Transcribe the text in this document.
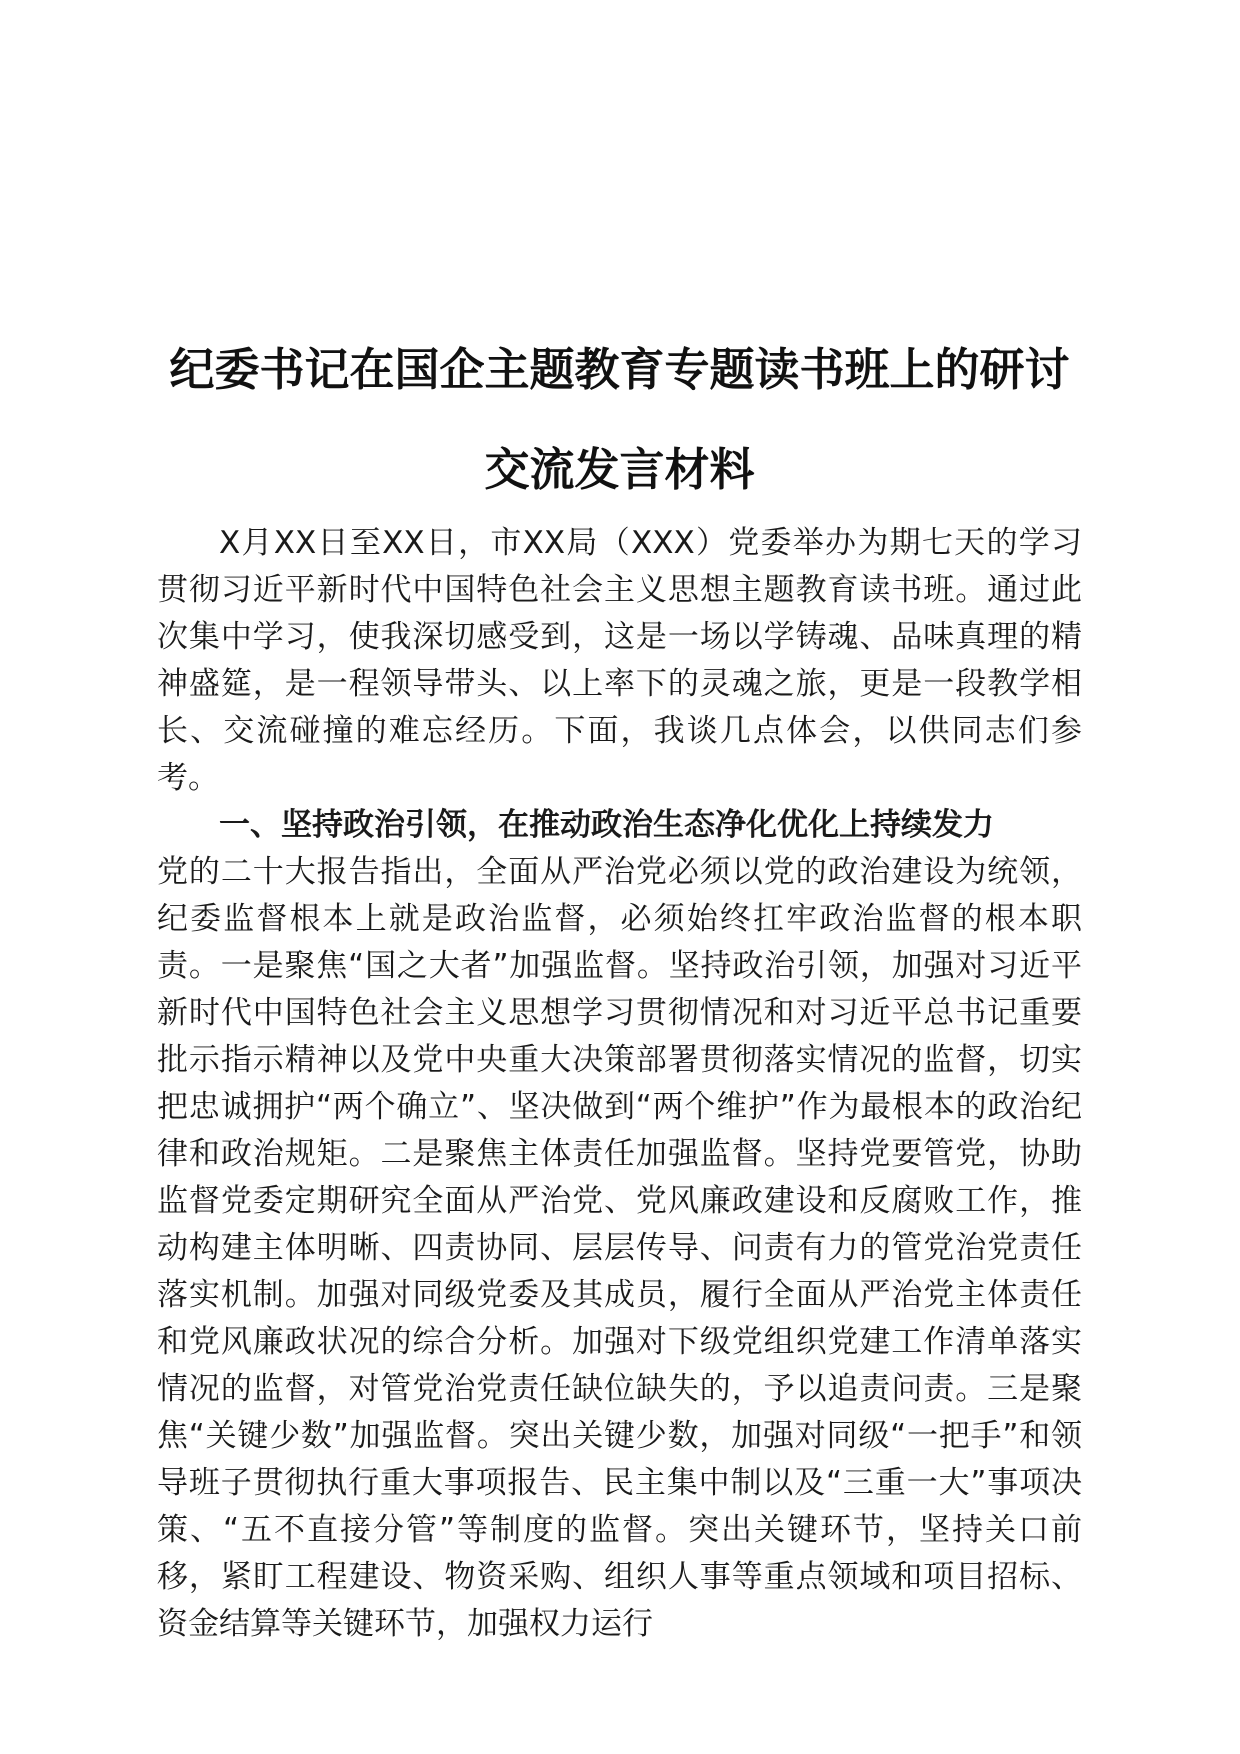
纪委书记在国企主题教育专题读书班上的研讨
交流发言材料

X月XX日至XX日，市XX局（XXX）党委举办为期七天的学习贯彻习近平新时代中国特色社会主义思想主题教育读书班。通过此次集中学习，使我深切感受到，这是一场以学铸魂、品味真理的精神盛筵，是一程领导带头、以上率下的灵魂之旅，更是一段教学相长、交流碰撞的难忘经历。下面，我谈几点体会，以供同志们参考。

一、坚持政治引领，在推动政治生态净化优化上持续发力

党的二十大报告指出，全面从严治党必须以党的政治建设为统领，纪委监督根本上就是政治监督，必须始终扛牢政治监督的根本职责。一是聚焦“国之大者”加强监督。坚持政治引领，加强对习近平新时代中国特色社会主义思想学习贯彻情况和对习近平总书记重要批示指示精神以及党中央重大决策部署贯彻落实情况的监督，切实把忠诚拥护“两个确立”、坚决做到“两个维护”作为最根本的政治纪律和政治规矩。二是聚焦主体责任加强监督。坚持党要管党，协助监督党委定期研究全面从严治党、党风廉政建设和反腐败工作，推动构建主体明晰、四责协同、层层传导、问责有力的管党治党责任落实机制。加强对同级党委及其成员，履行全面从严治党主体责任和党风廉政状况的综合分析。加强对下级党组织党建工作清单落实情况的监督，对管党治党责任缺位缺失的，予以追责问责。三是聚焦“关键少数”加强监督。突出关键少数，加强对同级“一把手”和领导班子贯彻执行重大事项报告、民主集中制以及“三重一大”事项决策、“五不直接分管”等制度的监督。突出关键环节，坚持关口前移，紧盯工程建设、物资采购、组织人事等重点领域和项目招标、资金结算等关键环节，加强权力运行
